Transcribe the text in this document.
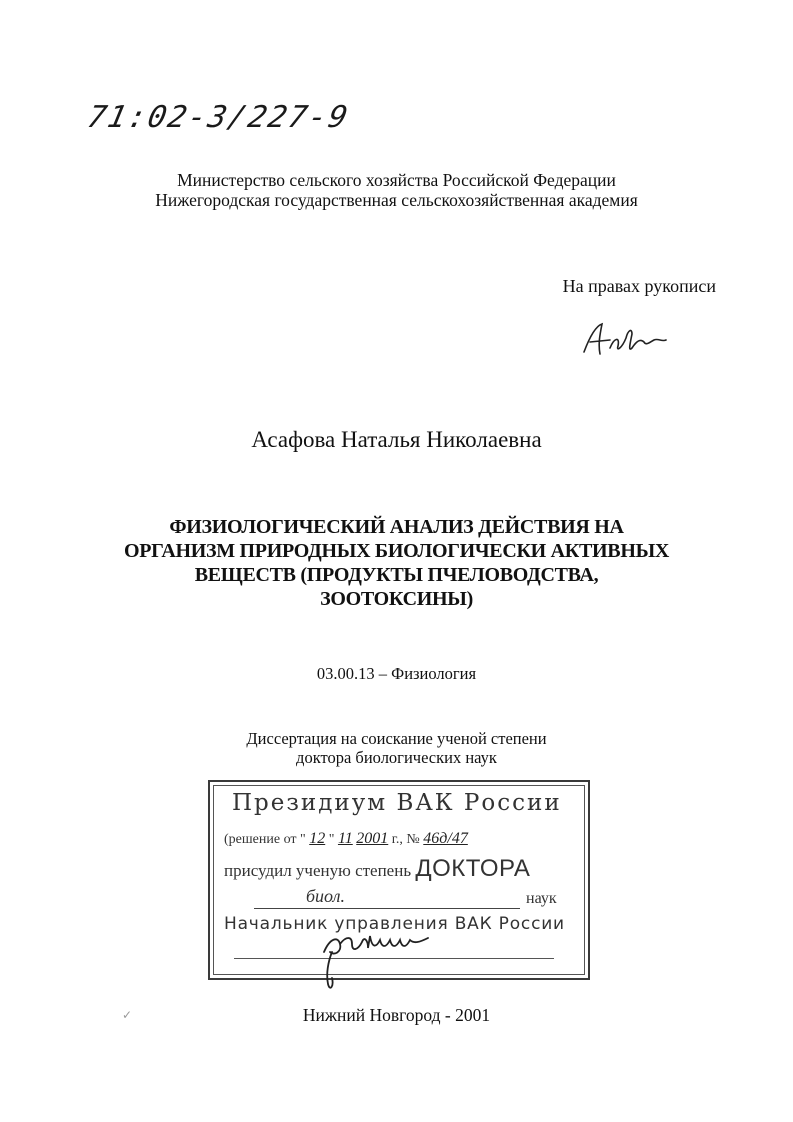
71:02-3/227-9
Министерство сельского хозяйства Российской Федерации
Нижегородская государственная сельскохозяйственная академия
На правах рукописи
Асафова Наталья Николаевна
ФИЗИОЛОГИЧЕСКИЙ АНАЛИЗ ДЕЙСТВИЯ НА
ОРГАНИЗМ ПРИРОДНЫХ БИОЛОГИЧЕСКИ АКТИВНЫХ
ВЕЩЕСТВ (ПРОДУКТЫ ПЧЕЛОВОДСТВА,
ЗООТОКСИНЫ)
03.00.13 – Физиология
Диссертация на соискание ученой степени
доктора биологических наук
Президиум ВАК России
(решение от " 12 " 11 2001 г., № 46д/47
присудил ученую степень ДОКТОРА
биол.	наук
Начальник управления ВАК России
Нижний Новгород - 2001
✓
